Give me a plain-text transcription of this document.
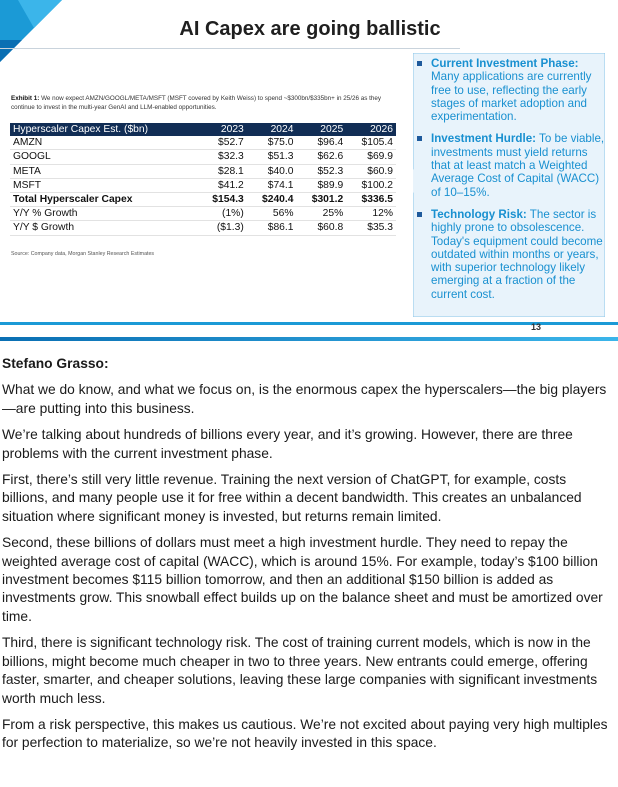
AI Capex are going ballistic
Exhibit 1: We now expect AMZN/GOOGL/META/MSFT (MSFT covered by Keith Weiss) to spend ~$300bn/$335bn+ in 25/26 as they continue to invest in the multi-year GenAI and LLM-enabled opportunities.
Hyperscaler Capex Est. ($bn)	2023	2024	2025	2026
AMZN	$52.7	$75.0	$96.4	$105.4
GOOGL	$32.3	$51.3	$62.6	$69.9
META	$28.1	$40.0	$52.3	$60.9
MSFT	$41.2	$74.1	$89.9	$100.2
Total Hyperscaler Capex	$154.3	$240.4	$301.2	$336.5
Y/Y % Growth	(1%)	56%	25%	12%
Y/Y $ Growth	($1.3)	$86.1	$60.8	$35.3
Source: Company data, Morgan Stanley Research Estimates
Current Investment Phase: Many applications are currently free to use, reflecting the early stages of market adoption and experimentation.
Investment Hurdle: To be viable, investments must yield returns that at least match a Weighted Average Cost of Capital (WACC) of 10–15%.
Technology Risk: The sector is highly prone to obsolescence. Today's equipment could become outdated within months or years, with superior technology likely emerging at a fraction of the current cost.
13

Stefano Grasso:

What we do know, and what we focus on, is the enormous capex the hyperscalers—the big players—are putting into this business.

We’re talking about hundreds of billions every year, and it’s growing. However, there are three problems with the current investment phase.

First, there’s still very little revenue. Training the next version of ChatGPT, for example, costs billions, and many people use it for free within a decent bandwidth. This creates an unbalanced situation where significant money is invested, but returns remain limited.

Second, these billions of dollars must meet a high investment hurdle. They need to repay the weighted average cost of capital (WACC), which is around 15%. For example, today’s $100 billion investment becomes $115 billion tomorrow, and then an additional $150 billion is added as investments grow. This snowball effect builds up on the balance sheet and must be amortized over time.

Third, there is significant technology risk. The cost of training current models, which is now in the billions, might become much cheaper in two to three years. New entrants could emerge, offering faster, smarter, and cheaper solutions, leaving these large companies with significant investments worth much less.

From a risk perspective, this makes us cautious. We’re not excited about paying very high multiples for perfection to materialize, so we’re not heavily invested in this space.
